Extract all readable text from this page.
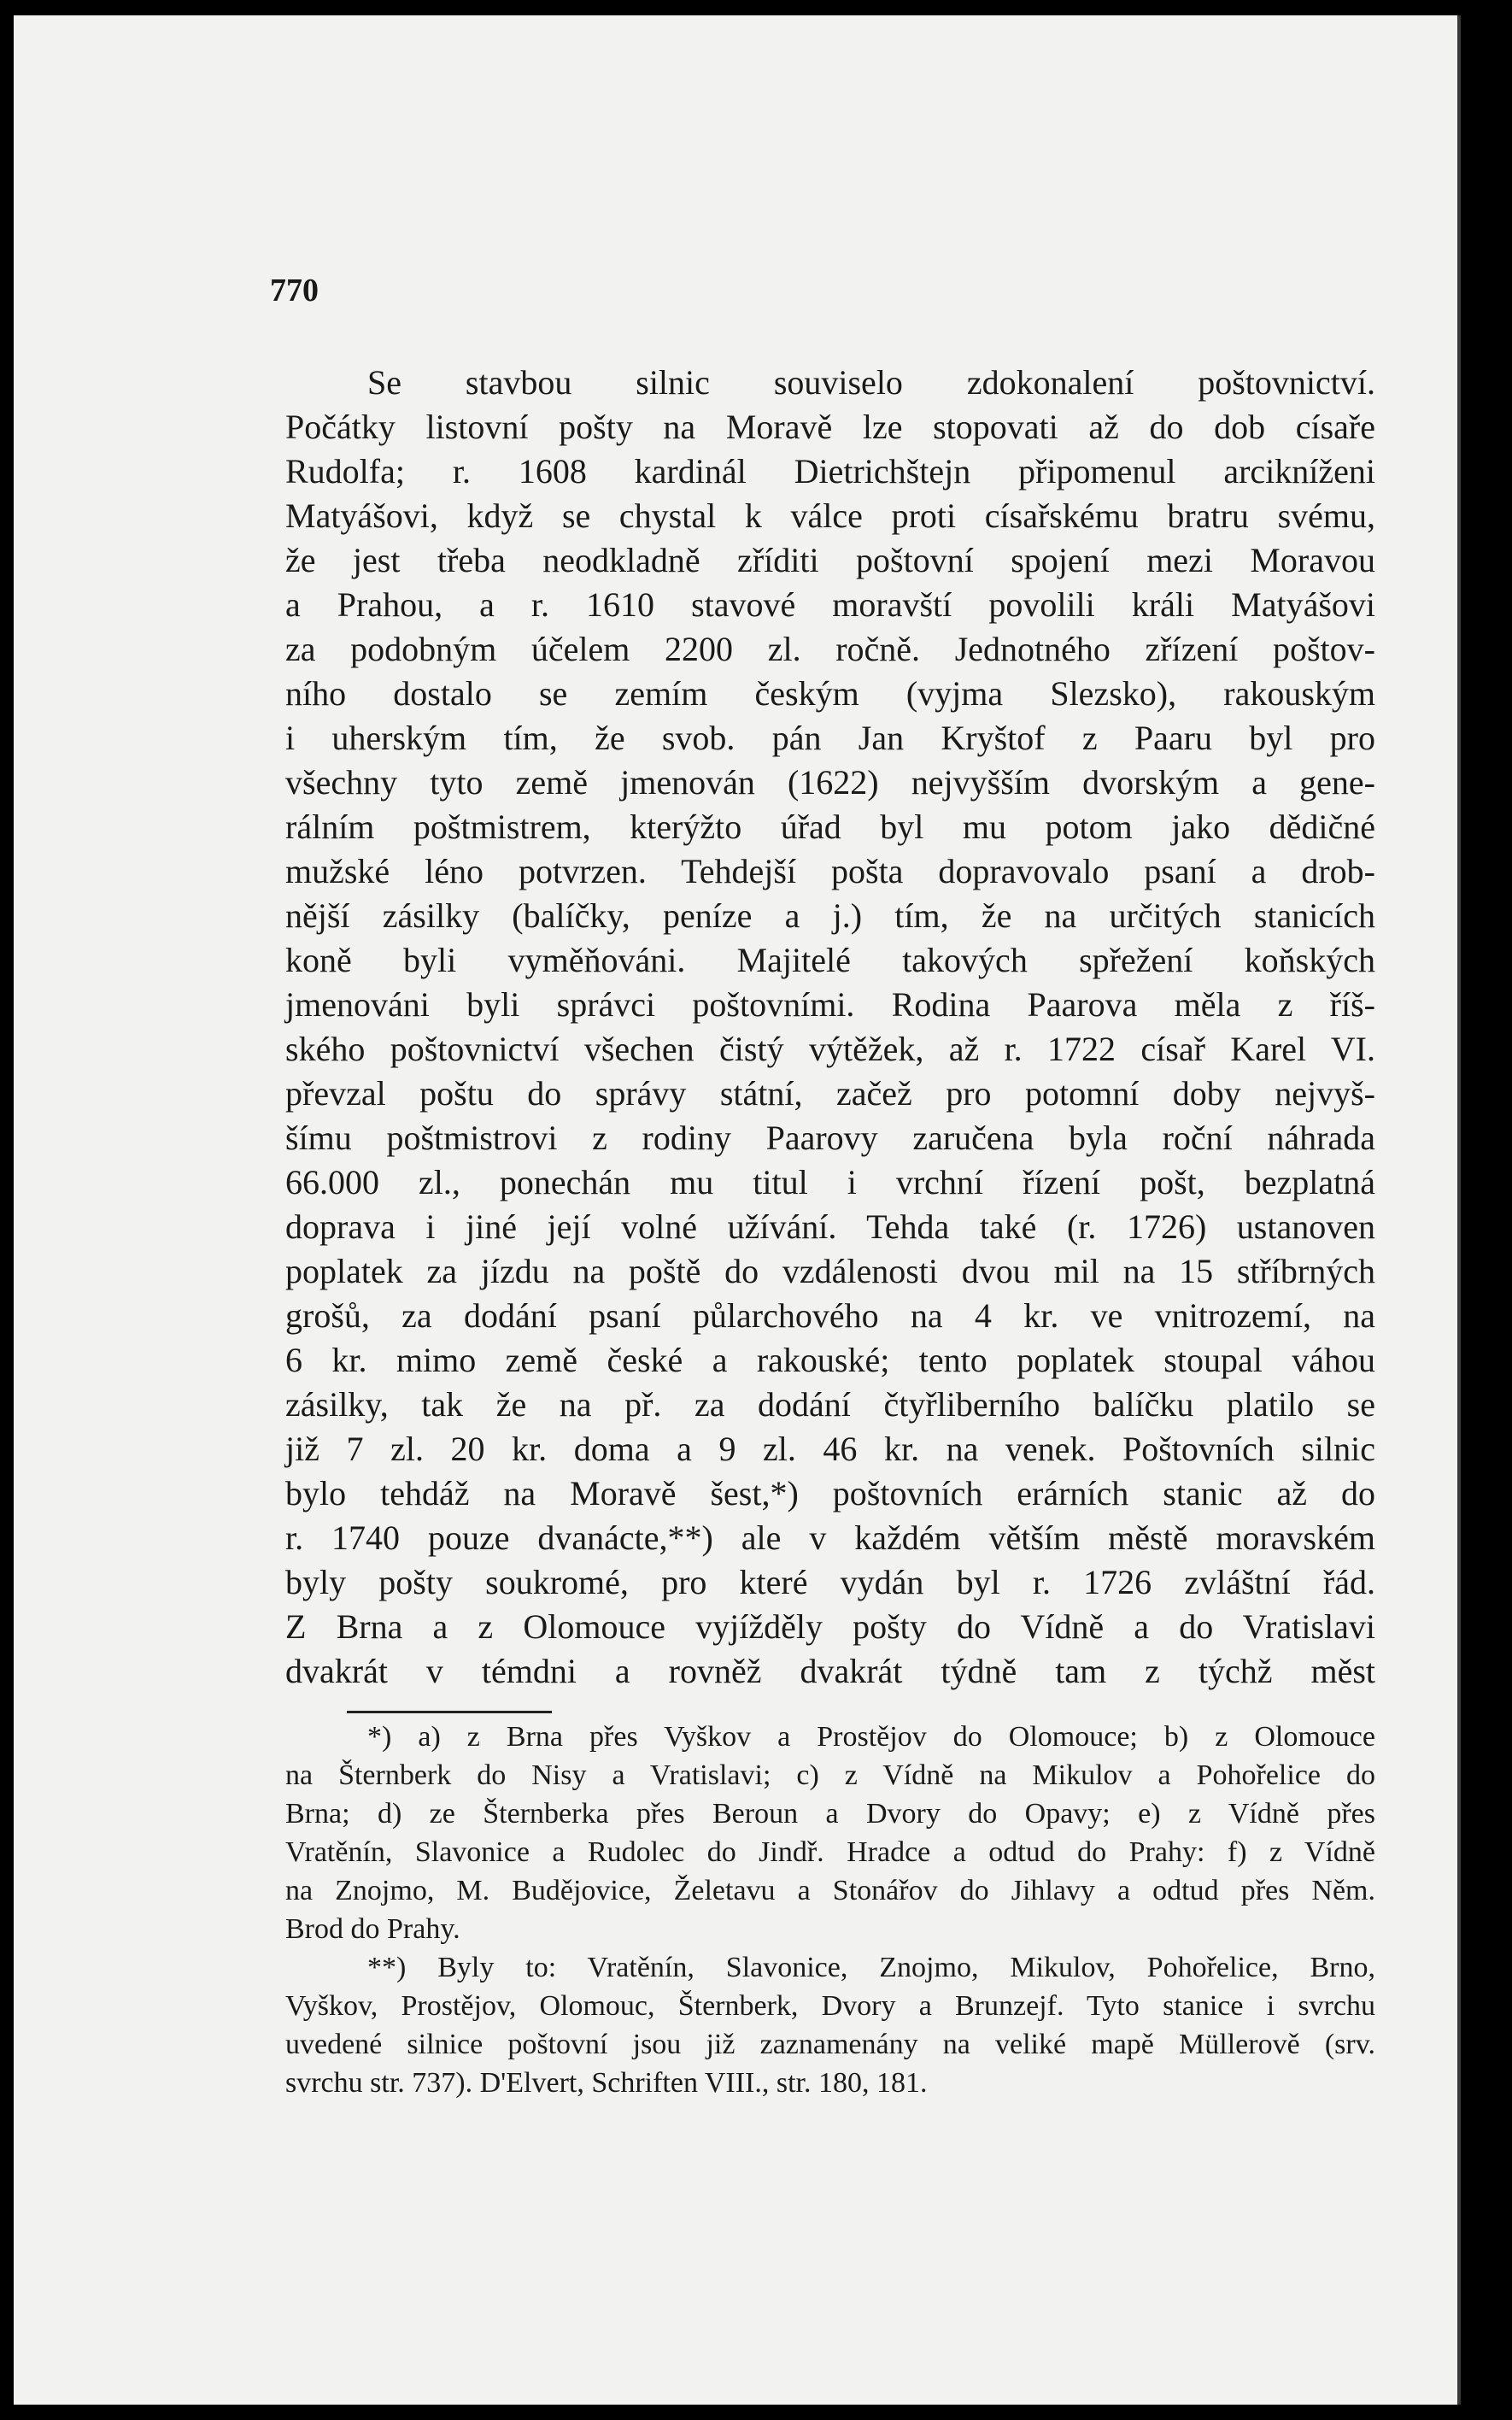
770
Se stavbou silnic souviselo zdokonalení poštovnictví.
Počátky listovní pošty na Moravě lze stopovati až do dob císaře
Rudolfa; r. 1608 kardinál Dietrichštejn připomenul arcikníženi
Matyášovi, když se chystal k válce proti císařskému bratru svému,
že jest třeba neodkladně zříditi poštovní spojení mezi Moravou
a Prahou, a r. 1610 stavové moravští povolili králi Matyášovi
za podobným účelem 2200 zl. ročně. Jednotného zřízení poštov-
ního dostalo se zemím českým (vyjma Slezsko), rakouským
i uherským tím, že svob. pán Jan Kryštof z Paaru byl pro
všechny tyto země jmenován (1622) nejvyšším dvorským a gene-
rálním poštmistrem, kterýžto úřad byl mu potom jako dědičné
mužské léno potvrzen. Tehdejší pošta dopravovalo psaní a drob-
nější zásilky (balíčky, peníze a j.) tím, že na určitých stanicích
koně byli vyměňováni. Majitelé takových spřežení koňských
jmenováni byli správci poštovními. Rodina Paarova měla z říš-
ského poštovnictví všechen čistý výtěžek, až r. 1722 císař Karel VI.
převzal poštu do správy státní, začež pro potomní doby nejvyš-
šímu poštmistrovi z rodiny Paarovy zaručena byla roční náhrada
66.000 zl., ponechán mu titul i vrchní řízení pošt, bezplatná
doprava i jiné její volné užívání. Tehda také (r. 1726) ustanoven
poplatek za jízdu na poště do vzdálenosti dvou mil na 15 stříbrných
grošů, za dodání psaní půlarchového na 4 kr. ve vnitrozemí, na
6 kr. mimo země české a rakouské; tento poplatek stoupal váhou
zásilky, tak že na př. za dodání čtyřliberního balíčku platilo se
již 7 zl. 20 kr. doma a 9 zl. 46 kr. na venek. Poštovních silnic
bylo tehdáž na Moravě šest,*) poštovních erárních stanic až do
r. 1740 pouze dvanácte,**) ale v každém větším městě moravském
byly pošty soukromé, pro které vydán byl r. 1726 zvláštní řád.
Z Brna a z Olomouce vyjížděly pošty do Vídně a do Vratislavi
dvakrát v témdni a rovněž dvakrát týdně tam z týchž měst
*) a) z Brna přes Vyškov a Prostějov do Olomouce; b) z Olomouce
na Šternberk do Nisy a Vratislavi; c) z Vídně na Mikulov a Pohořelice do
Brna; d) ze Šternberka přes Beroun a Dvory do Opavy; e) z Vídně přes
Vratěnín, Slavonice a Rudolec do Jindř. Hradce a odtud do Prahy: f) z Vídně
na Znojmo, M. Budějovice, Želetavu a Stonářov do Jihlavy a odtud přes Něm.
Brod do Prahy.
**) Byly to: Vratěnín, Slavonice, Znojmo, Mikulov, Pohořelice, Brno,
Vyškov, Prostějov, Olomouc, Šternberk, Dvory a Brunzejf. Tyto stanice i svrchu
uvedené silnice poštovní jsou již zaznamenány na veliké mapě Müllerově (srv.
svrchu str. 737). D'Elvert, Schriften VIII., str. 180, 181.
